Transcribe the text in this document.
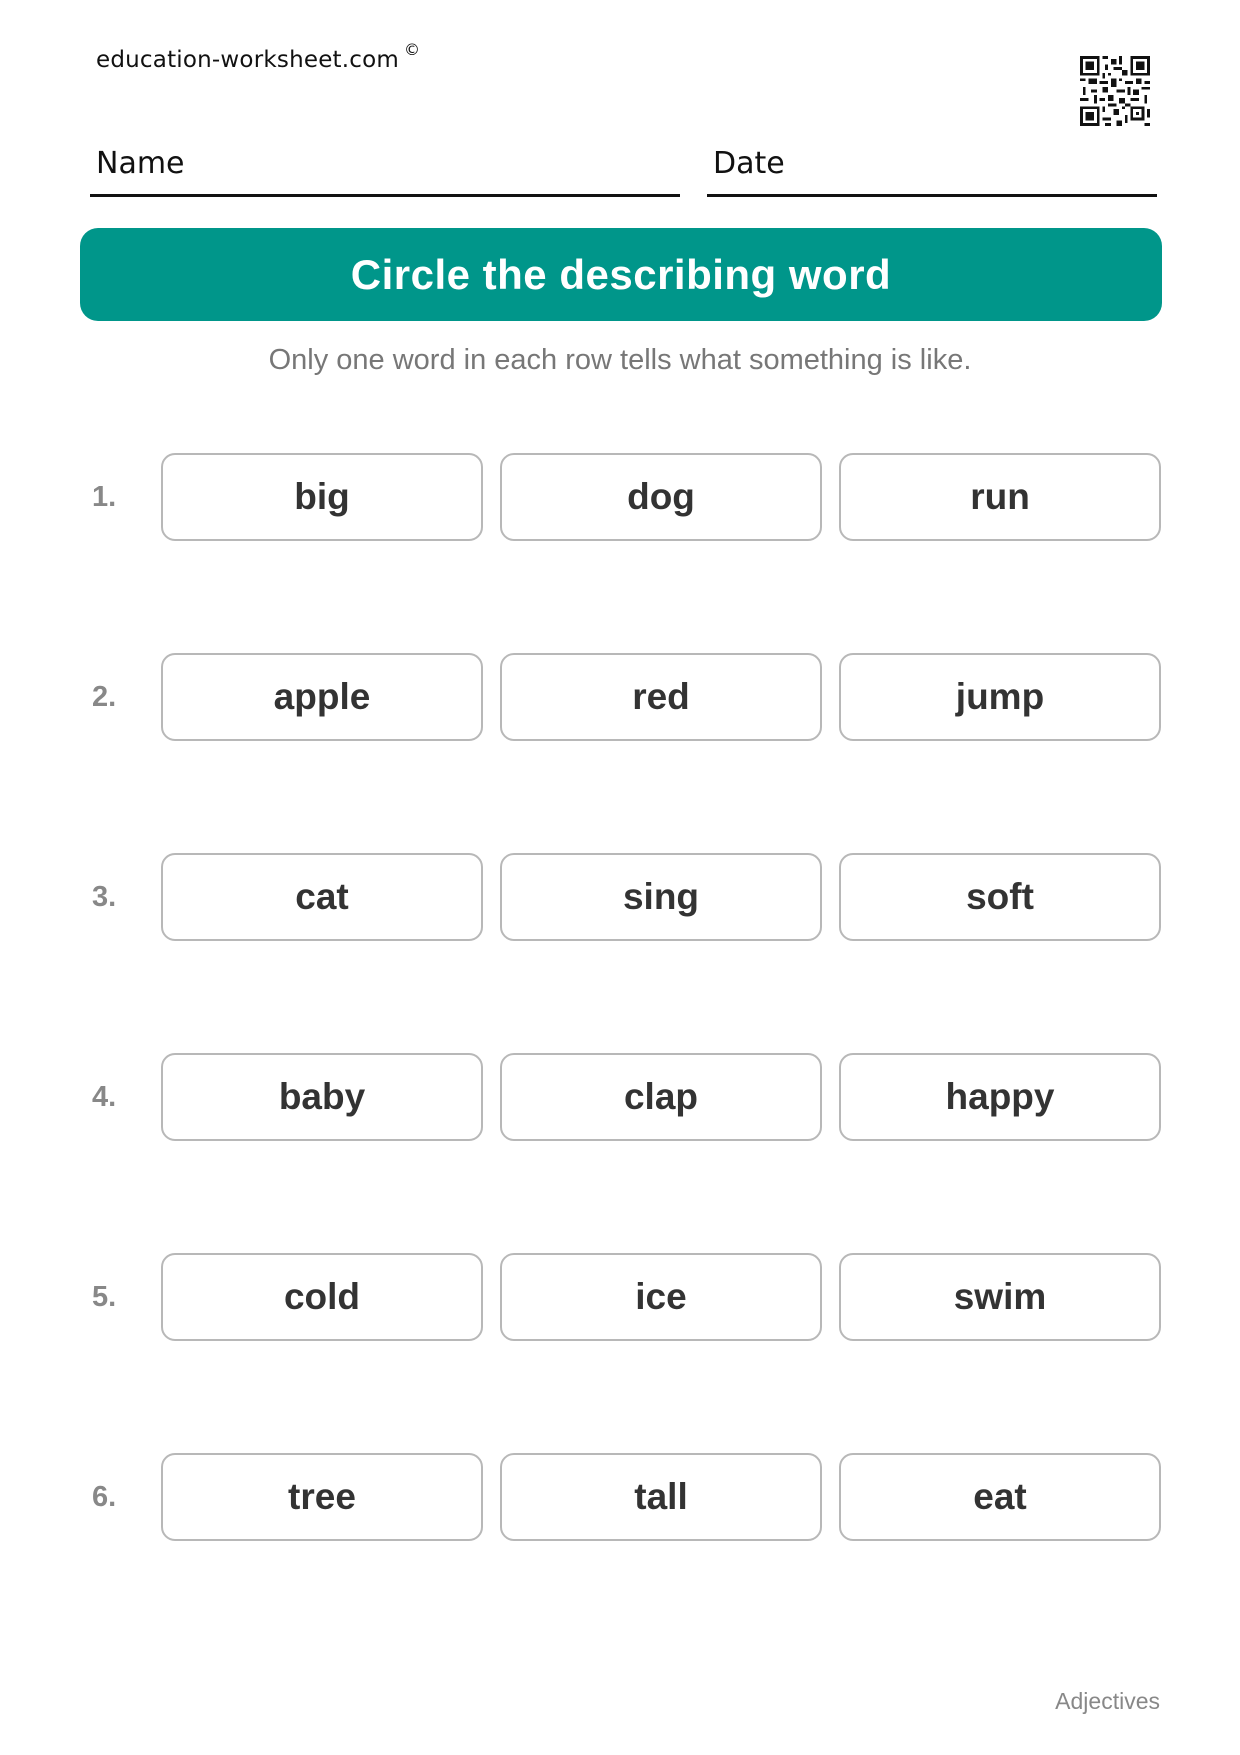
education-worksheet.com ©
Name	Date
Circle the describing word
Only one word in each row tells what something is like.
1.	big	dog	run
2.	apple	red	jump
3.	cat	sing	soft
4.	baby	clap	happy
5.	cold	ice	swim
6.	tree	tall	eat
Adjectives
